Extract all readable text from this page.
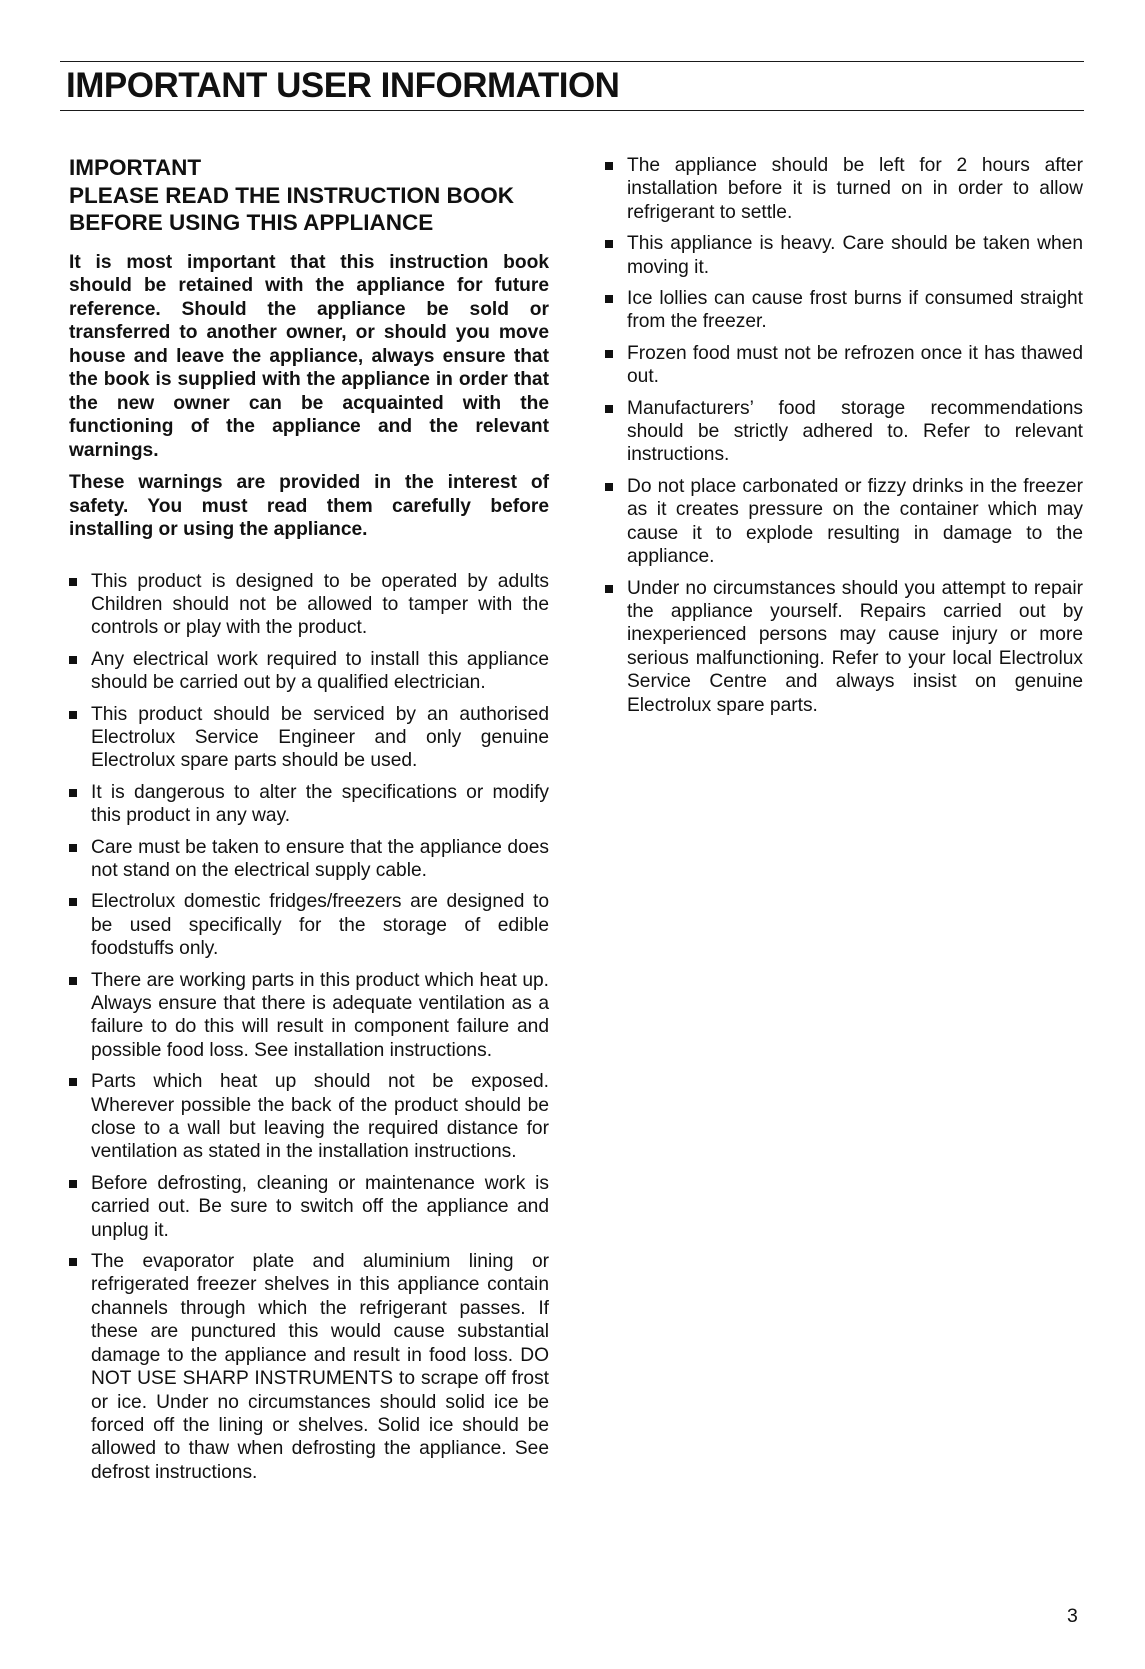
IMPORTANT USER INFORMATION
IMPORTANT
PLEASE READ THE INSTRUCTION BOOK
BEFORE USING THIS APPLIANCE

It is most important that this instruction book should be retained with the appliance for future reference. Should the appliance be sold or transferred to another owner, or should you move house and leave the appliance, always ensure that the book is supplied with the appliance in order that the new owner can be acquainted with the functioning of the appliance and the relevant warnings.

These warnings are provided in the interest of safety. You must read them carefully before installing or using the appliance.

This product is designed to be operated by adults Children should not be allowed to tamper with the controls or play with the product.
Any electrical work required to install this appliance should be carried out by a qualified electrician.
This product should be serviced by an authorised Electrolux Service Engineer and only genuine Electrolux spare parts should be used.
It is dangerous to alter the specifications or modify this product in any way.
Care must be taken to ensure that the appliance does not stand on the electrical supply cable.
Electrolux domestic fridges/freezers are designed to be used specifically for the storage of edible foodstuffs only.
There are working parts in this product which heat up. Always ensure that there is adequate ventilation as a failure to do this will result in component failure and possible food loss. See installation instructions.
Parts which heat up should not be exposed. Wherever possible the back of the product should be close to a wall but leaving the required distance for ventilation as stated in the installation instructions.
Before defrosting, cleaning or maintenance work is carried out. Be sure to switch off the appliance and unplug it.
The evaporator plate and aluminium lining or refrigerated freezer shelves in this appliance contain channels through which the refrigerant passes. If these are punctured this would cause substantial damage to the appliance and result in food loss. DO NOT USE SHARP INSTRUMENTS to scrape off frost or ice. Under no circumstances should solid ice be forced off the lining or shelves. Solid ice should be allowed to thaw when defrosting the appliance. See defrost instructions.
The appliance should be left for 2 hours after installation before it is turned on in order to allow refrigerant to settle.
This appliance is heavy. Care should be taken when moving it.
Ice lollies can cause frost burns if consumed straight from the freezer.
Frozen food must not be refrozen once it has thawed out.
Manufacturers’ food storage recommendations should be strictly adhered to. Refer to relevant instructions.
Do not place carbonated or fizzy drinks in the freezer as it creates pressure on the container which may cause it to explode resulting in damage to the appliance.
Under no circumstances should you attempt to repair the appliance yourself. Repairs carried out by inexperienced persons may cause injury or more serious malfunctioning. Refer to your local Electrolux Service Centre and always insist on genuine Electrolux spare parts.
3
